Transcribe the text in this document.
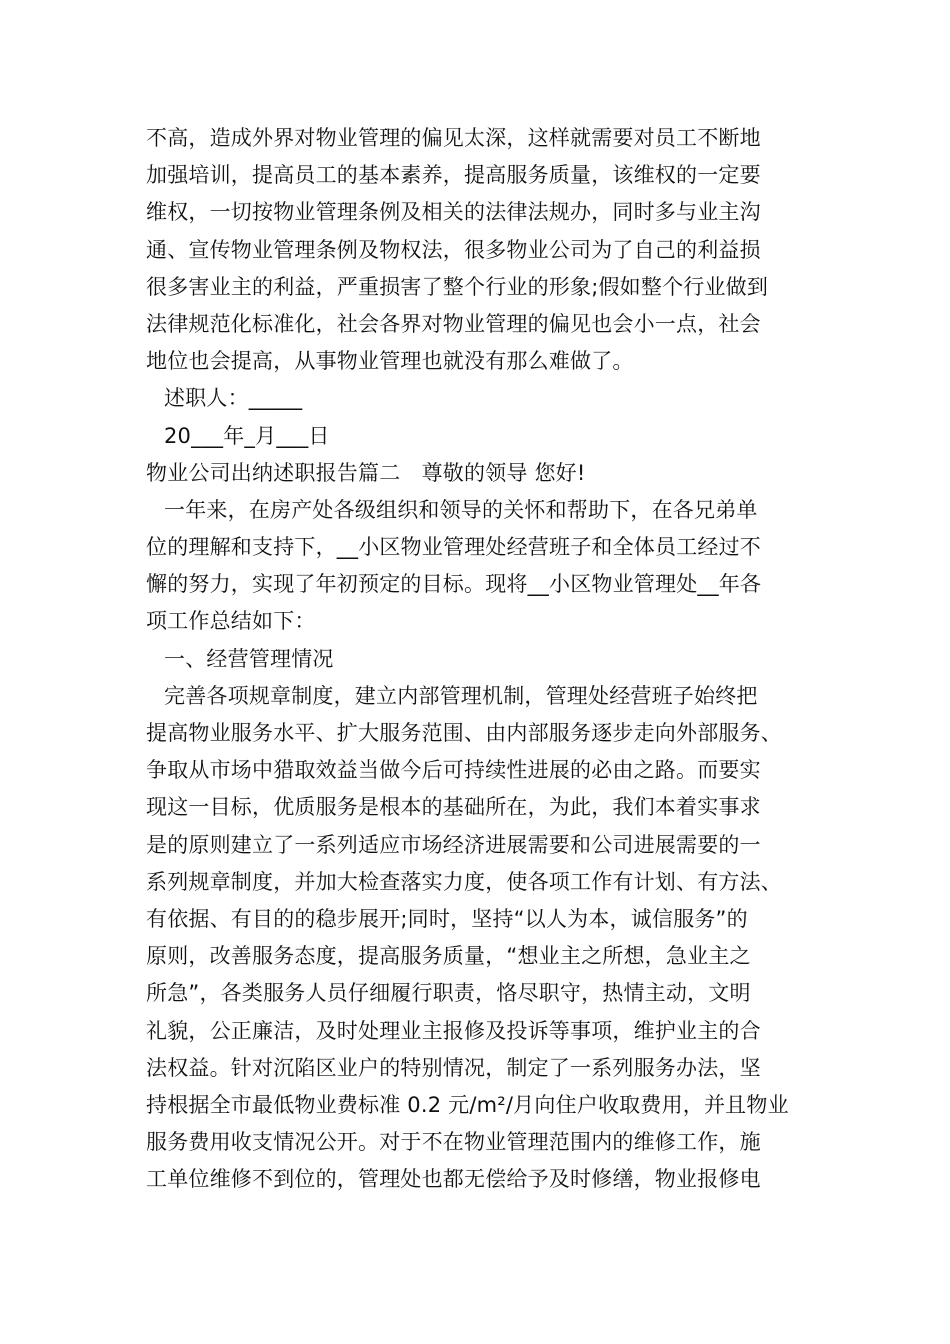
不高，造成外界对物业管理的偏见太深，这样就需要对员工不断地
加强培训，提高员工的基本素养，提高服务质量，该维权的一定要
维权，一切按物业管理条例及相关的法律法规办，同时多与业主沟
通、宣传物业管理条例及物权法，很多物业公司为了自己的利益损
很多害业主的利益，严重损害了整个行业的形象;假如整个行业做到
法律规范化标准化，社会各界对物业管理的偏见也会小一点，社会
地位也会提高，从事物业管理也就没有那么难做了。
述职人：_____
20___年_月___日
物业公司出纳述职报告篇二　尊敬的领导 您好!
一年来，在房产处各级组织和领导的关怀和帮助下，在各兄弟单
位的理解和支持下，__小区物业管理处经营班子和全体员工经过不
懈的努力，实现了年初预定的目标。现将__小区物业管理处__年各
项工作总结如下：
一、经营管理情况
完善各项规章制度，建立内部管理机制，管理处经营班子始终把
提高物业服务水平、扩大服务范围、由内部服务逐步走向外部服务、
争取从市场中猎取效益当做今后可持续性进展的必由之路。而要实
现这一目标，优质服务是根本的基础所在，为此，我们本着实事求
是的原则建立了一系列适应市场经济进展需要和公司进展需要的一
系列规章制度，并加大检查落实力度，使各项工作有计划、有方法、
有依据、有目的的稳步展开;同时，坚持“以人为本，诚信服务”的
原则，改善服务态度，提高服务质量，“想业主之所想，急业主之
所急”，各类服务人员仔细履行职责，恪尽职守，热情主动，文明
礼貌，公正廉洁，及时处理业主报修及投诉等事项，维护业主的合
法权益。针对沉陷区业户的特别情况，制定了一系列服务办法，坚
持根据全市最低物业费标准 0.2 元/m²/月向住户收取费用，并且物业
服务费用收支情况公开。对于不在物业管理范围内的维修工作，施
工单位维修不到位的，管理处也都无偿给予及时修缮，物业报修电
